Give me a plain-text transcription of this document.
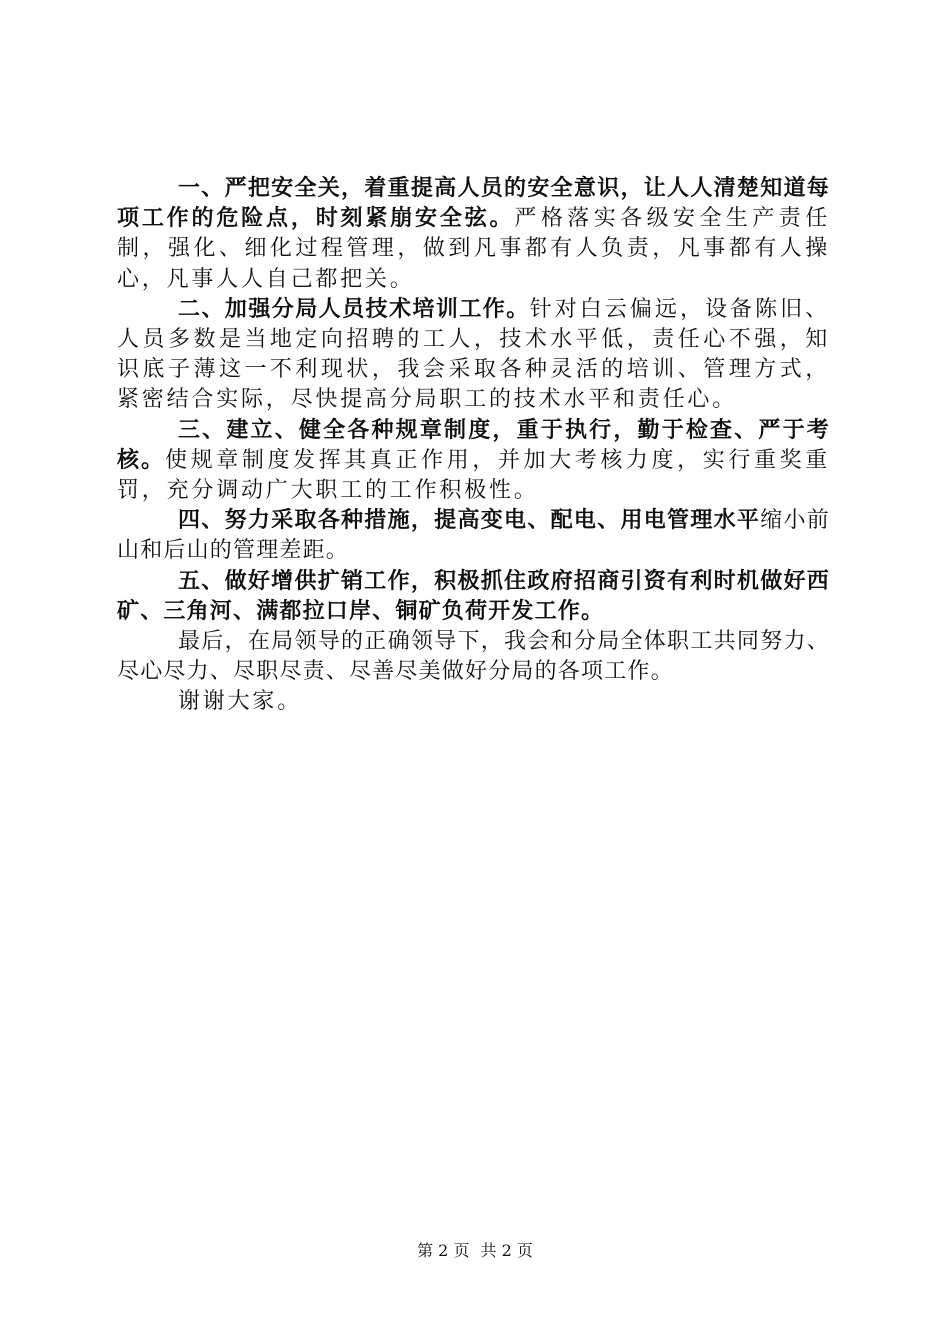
一、严把安全关，着重提高人员的安全意识，让人人清楚知道每项工作的危险点，时刻紧崩安全弦。严格落实各级安全生产责任制，强化、细化过程管理，做到凡事都有人负责，凡事都有人操心，凡事人人自己都把关。

二、加强分局人员技术培训工作。针对白云偏远，设备陈旧、人员多数是当地定向招聘的工人，技术水平低，责任心不强，知识底子薄这一不利现状，我会采取各种灵活的培训、管理方式，紧密结合实际，尽快提高分局职工的技术水平和责任心。

三、建立、健全各种规章制度，重于执行，勤于检查、严于考核。使规章制度发挥其真正作用，并加大考核力度，实行重奖重罚，充分调动广大职工的工作积极性。

四、努力采取各种措施，提高变电、配电、用电管理水平缩小前山和后山的管理差距。

五、做好增供扩销工作，积极抓住政府招商引资有利时机做好西矿、三角河、满都拉口岸、铜矿负荷开发工作。

最后，在局领导的正确领导下，我会和分局全体职工共同努力、尽心尽力、尽职尽责、尽善尽美做好分局的各项工作。

谢谢大家。

第 2 页 共 2 页
